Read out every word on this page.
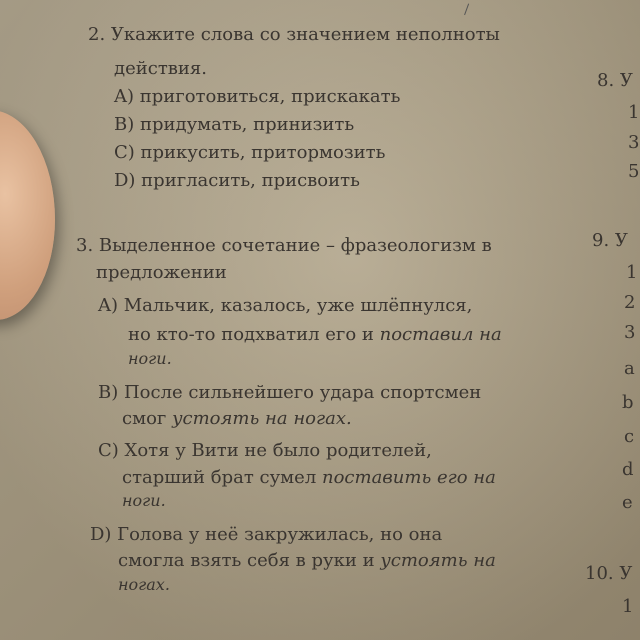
2. Укажите слова со значением неполноты
действия.
A) приготовиться, прискакать
B) придумать, принизить
C) прикусить, притормозить
D) пригласить, присвоить
3. Выделенное сочетание – фразеологизм в
предложении
A) Мальчик, казалось, уже шлёпнулся,
но кто-то подхватил его и поставил на
ноги.
B) После сильнейшего удара спортсмен
смог устоять на ногах.
C) Хотя у Вити не было родителей,
старший брат сумел поставить его на
ноги.
D) Голова у неё закружилась, но она
смогла взять себя в руки и устоять на
ногах.
8. У
1
3
5
9. У
1
2
3
a
b
c
d
e
10. У
1
